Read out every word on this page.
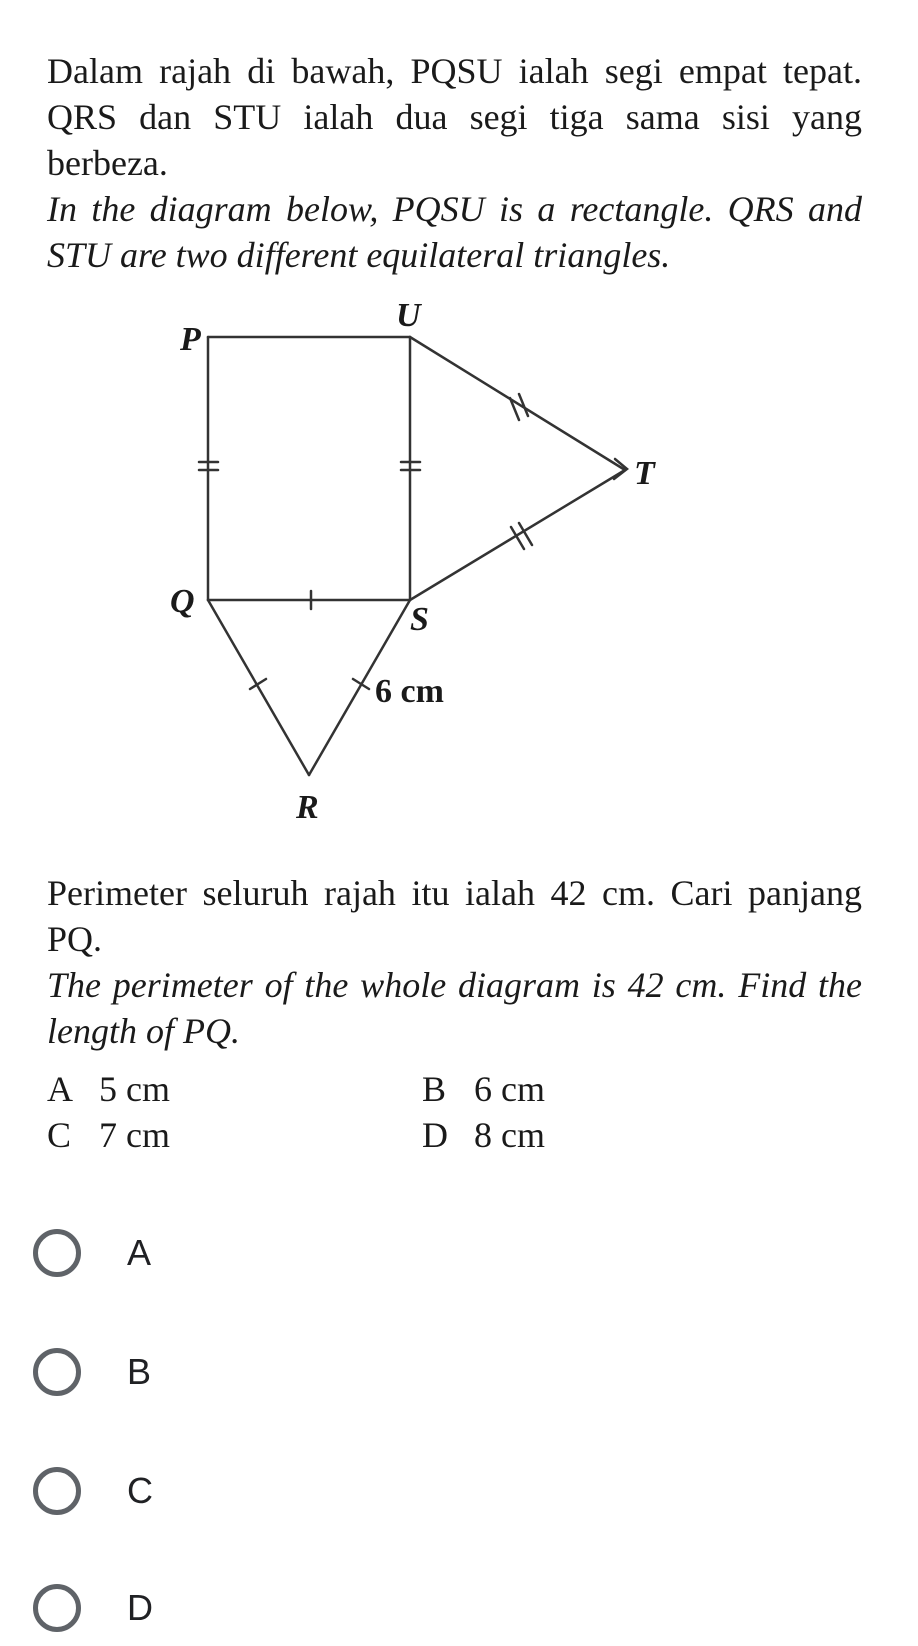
Dalam rajah di bawah, PQSU ialah segi empat tepat. QRS dan STU ialah dua segi tiga sama sisi yang berbeza.

In the diagram below, PQSU is a rectangle. QRS and STU are two different equilateral triangles.

P
U
T
Q	S
R
6 cm

Perimeter seluruh rajah itu ialah 42 cm. Cari panjang PQ.

The perimeter of the whole diagram is 42 cm. Find the length of PQ.

A 5 cm	B 6 cm
C 7 cm	D 8 cm
A
B
C
D
